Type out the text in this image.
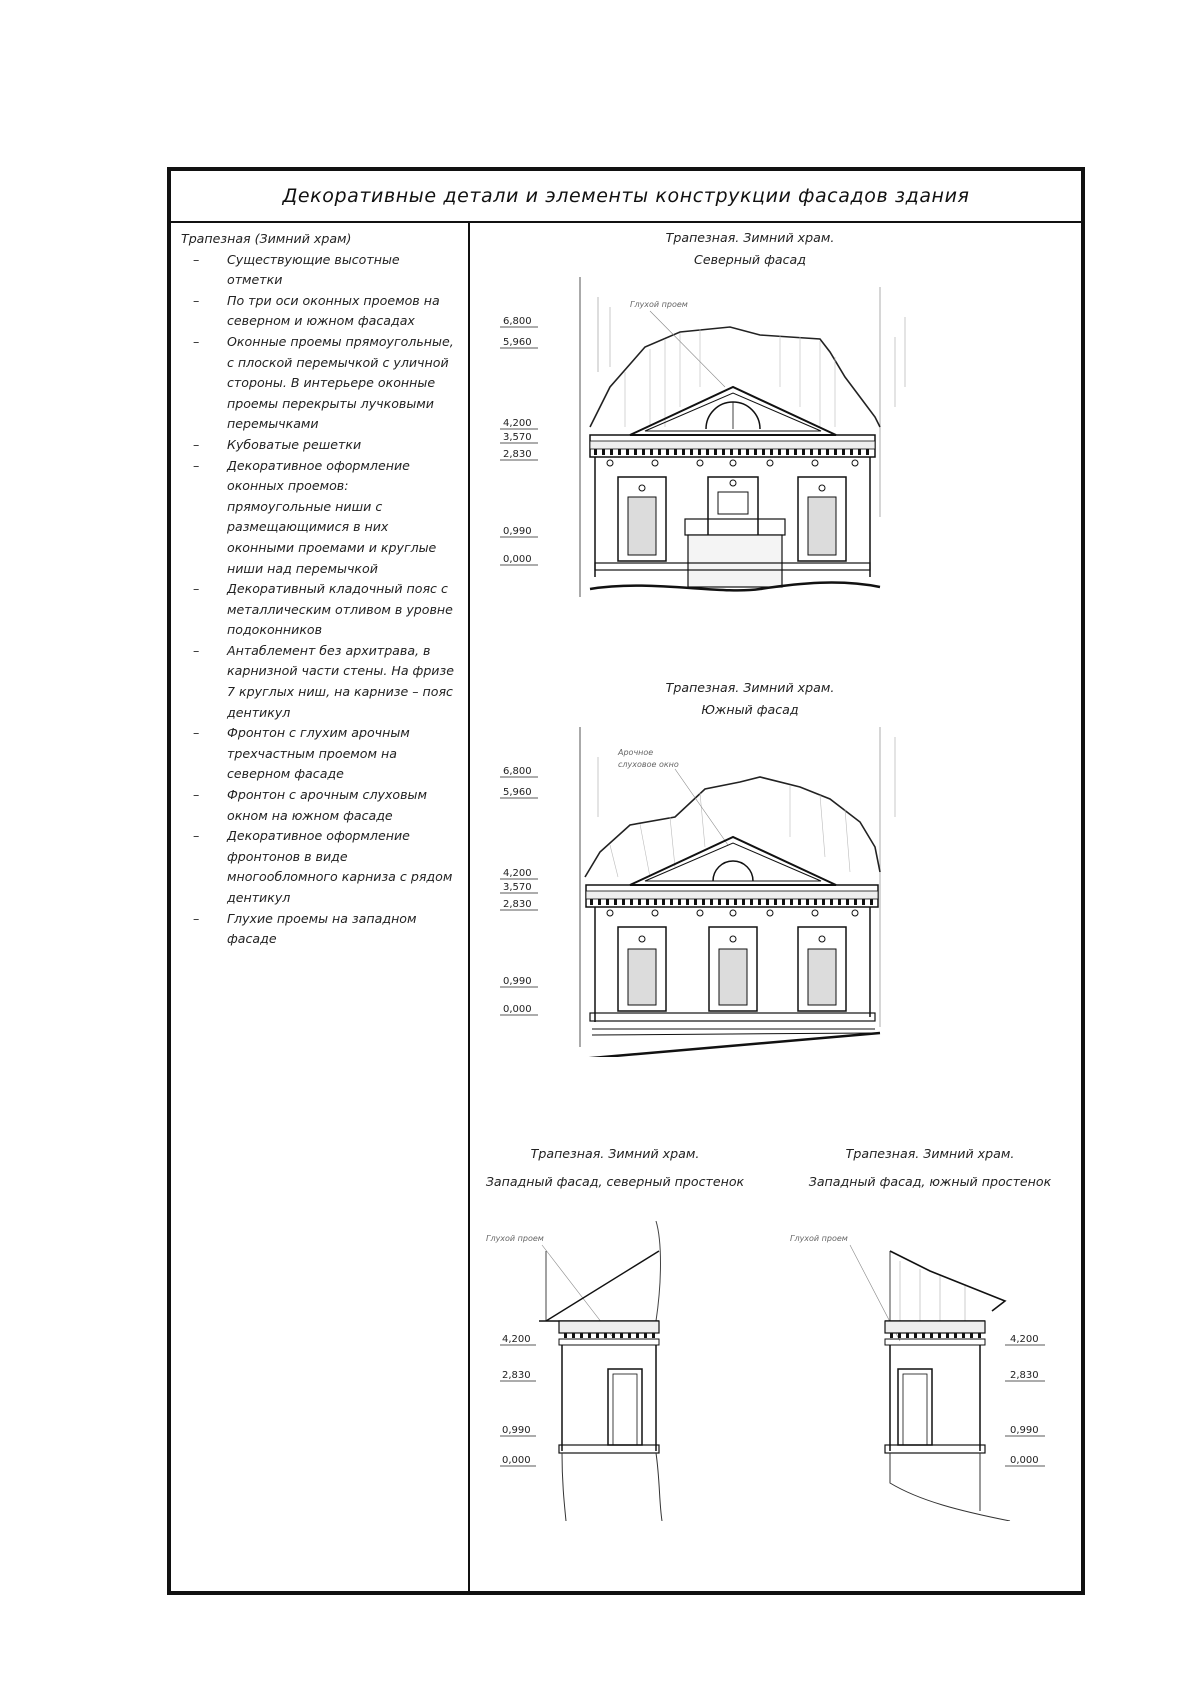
Декоративные детали и элементы конструкции фасадов здания
Трапезная (Зимний храм)
– Существующие высотные отметки
– По три оси оконных проемов на северном и южном фасадах
– Оконные проемы прямоугольные, с плоской перемычкой с уличной стороны. В интерьере оконные проемы перекрыты лучковыми перемычками
– Кубоватые решетки
– Декоративное оформление оконных проемов: прямоугольные ниши с размещающимися в них оконными проемами и круглые ниши над перемычкой
– Декоративный кладочный пояс с металлическим отливом в уровне подоконников
– Антаблемент без архитрава, в карнизной части стены. На фризе 7 круглых ниш, на карнизе – пояс дентикул
– Фронтон с глухим арочным трехчастным проемом на северном фасаде
– Фронтон с арочным слуховым окном на южном фасаде
– Декоративное оформление фронтонов в виде многообломного карниза с рядом дентикул
– Глухие проемы на западном фасаде
Трапезная. Зимний храм.
Северный фасад
Глухой проем
6,800
5,960
4,200
3,570
2,830
0,990
0,000
Трапезная. Зимний храм.
Южный фасад
Арочное
слуховое окно
6,800
5,960
4,200
3,570
2,830
0,990
0,000
Трапезная. Зимний храм.
Западный фасад, северный простенок
Глухой проем
4,200
2,830
0,990
0,000
Трапезная. Зимний храм.
Западный фасад, южный простенок
Глухой проем
4,200
2,830
0,990
0,000
